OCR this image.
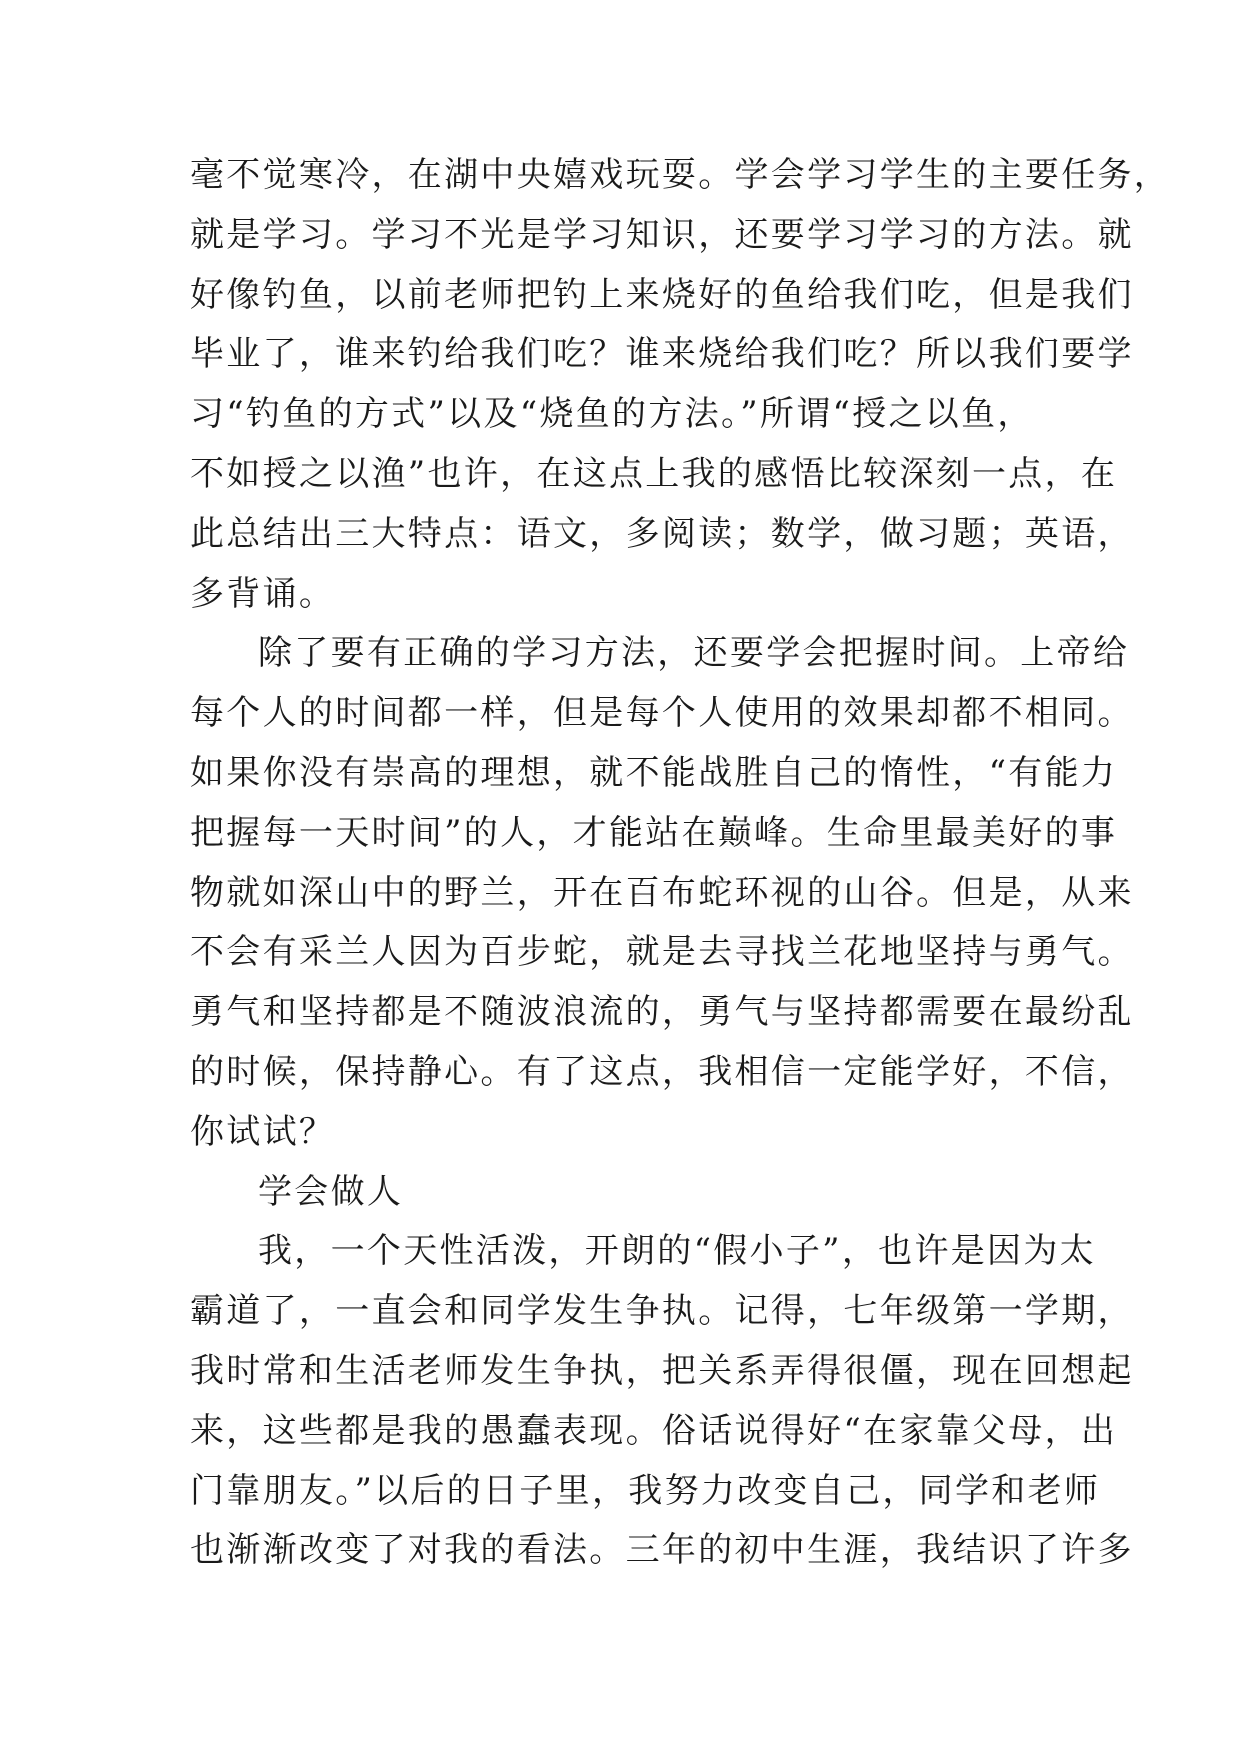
毫不觉寒冷，在湖中央嬉戏玩耍。学会学习学生的主要任务，
就是学习。学习不光是学习知识，还要学习学习的方法。就
好像钓鱼，以前老师把钓上来烧好的鱼给我们吃，但是我们
毕业了，谁来钓给我们吃？谁来烧给我们吃？所以我们要学
习“钓鱼的方式”以及“烧鱼的方法。”所谓“授之以鱼，
不如授之以渔”也许，在这点上我的感悟比较深刻一点，在
此总结出三大特点：语文，多阅读；数学，做习题；英语，
多背诵。
除了要有正确的学习方法，还要学会把握时间。上帝给
每个人的时间都一样，但是每个人使用的效果却都不相同。
如果你没有崇高的理想，就不能战胜自己的惰性，“有能力
把握每一天时间”的人，才能站在巅峰。生命里最美好的事
物就如深山中的野兰，开在百布蛇环视的山谷。但是，从来
不会有采兰人因为百步蛇，就是去寻找兰花地坚持与勇气。
勇气和坚持都是不随波浪流的，勇气与坚持都需要在最纷乱
的时候，保持静心。有了这点，我相信一定能学好，不信，
你试试？
学会做人
我，一个天性活泼，开朗的“假小子”，也许是因为太
霸道了，一直会和同学发生争执。记得，七年级第一学期，
我时常和生活老师发生争执，把关系弄得很僵，现在回想起
来，这些都是我的愚蠢表现。俗话说得好“在家靠父母，出
门靠朋友。”以后的日子里，我努力改变自己，同学和老师
也渐渐改变了对我的看法。三年的初中生涯，我结识了许多
